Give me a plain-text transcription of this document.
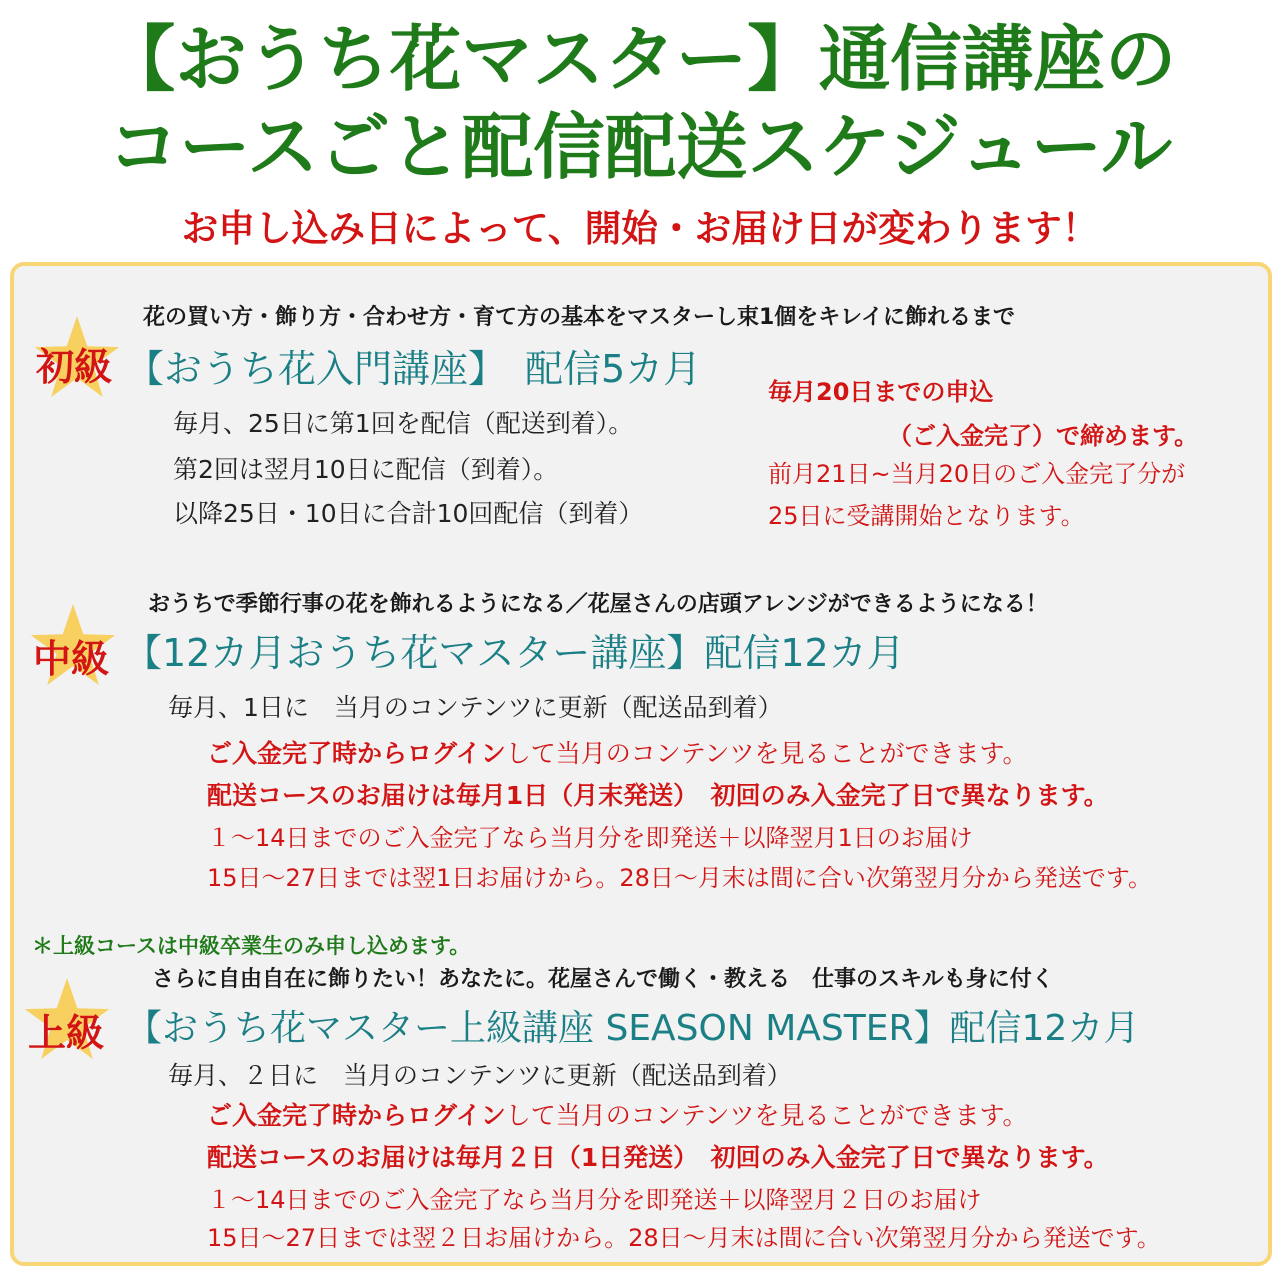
【おうち花マスター】通信講座の
コースごと配信配送スケジュール
お申し込み日によって、開始・お届け日が変わります！
花の買い方・飾り方・合わせ方・育て方の基本をマスターし束1個をキレイに飾れるまで
初級 【おうち花入門講座】　配信5カ月
毎月、25日に第1回を配信（配送到着）。
第2回は翌月10日に配信（到着）。
以降25日・10日に合計10回配信（到着）
毎月20日までの申込
（ご入金完了）で締めます。
前月21日~当月20日のご入金完了分が
25日に受講開始となります。
おうちで季節行事の花を飾れるようになる／花屋さんの店頭アレンジができるようになる！
中級 【12カ月おうち花マスター講座】配信12カ月
毎月、1日に　当月のコンテンツに更新（配送品到着）
ご入金完了時からログインして当月のコンテンツを見ることができます。
配送コースのお届けは毎月1日（月末発送）　初回のみ入金完了日で異なります。
１～14日までのご入金完了なら当月分を即発送＋以降翌月1日のお届け
15日～27日までは翌1日お届けから。28日～月末は間に合い次第翌月分から発送です。
＊上級コースは中級卒業生のみ申し込めます。
さらに自由自在に飾りたい！あなたに。花屋さんで働く・教える　仕事のスキルも身に付く
上級 【おうち花マスター上級講座 SEASON MASTER】配信12カ月
毎月、２日に　当月のコンテンツに更新（配送品到着）
ご入金完了時からログインして当月のコンテンツを見ることができます。
配送コースのお届けは毎月２日（1日発送）　初回のみ入金完了日で異なります。
１～14日までのご入金完了なら当月分を即発送＋以降翌月２日のお届け
15日～27日までは翌２日お届けから。28日～月末は間に合い次第翌月分から発送です。
